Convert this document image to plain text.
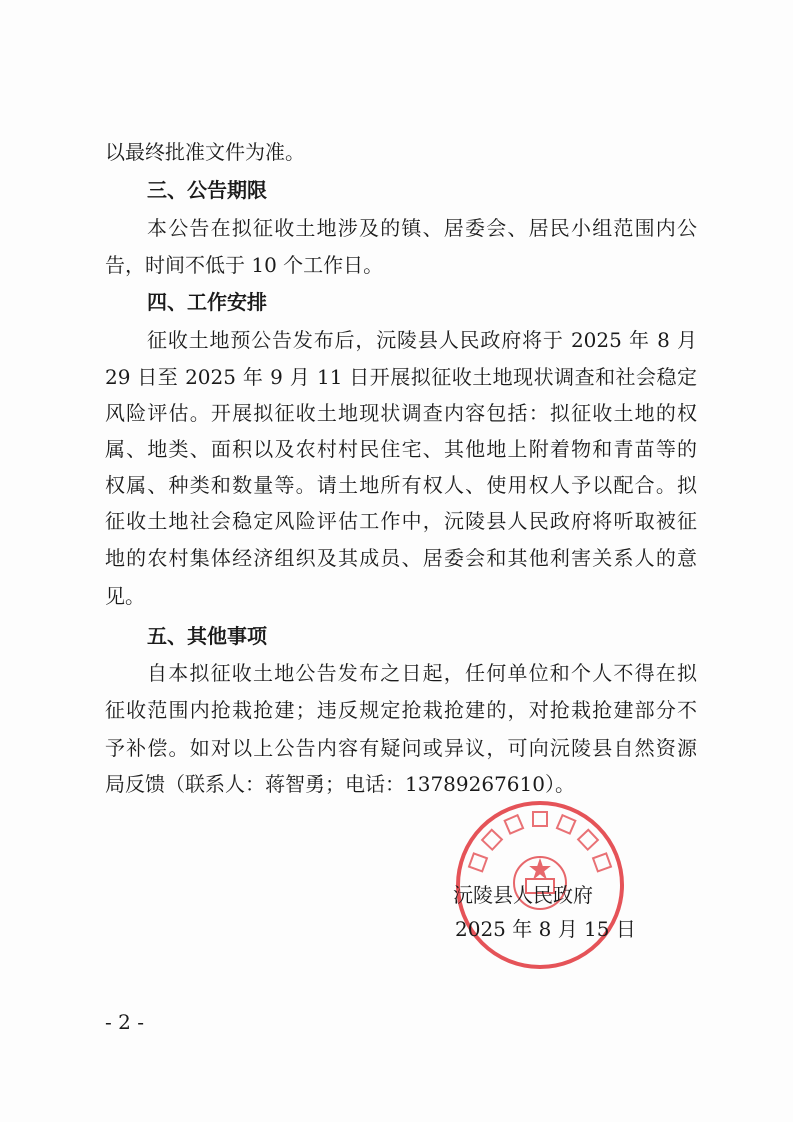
以最终批准文件为准。
三、公告期限
本公告在拟征收土地涉及的镇、居委会、居民小组范围内公
告，时间不低于 10 个工作日。
四、工作安排
征收土地预公告发布后，沅陵县人民政府将于 2025 年 8 月
29 日至 2025 年 9 月 11 日开展拟征收土地现状调查和社会稳定
风险评估。开展拟征收土地现状调查内容包括：拟征收土地的权
属、地类、面积以及农村村民住宅、其他地上附着物和青苗等的
权属、种类和数量等。请土地所有权人、使用权人予以配合。拟
征收土地社会稳定风险评估工作中，沅陵县人民政府将听取被征
地的农村集体经济组织及其成员、居委会和其他利害关系人的意
见。
五、其他事项
自本拟征收土地公告发布之日起，任何单位和个人不得在拟
征收范围内抢栽抢建；违反规定抢栽抢建的，对抢栽抢建部分不
予补偿。如对以上公告内容有疑问或异议，可向沅陵县自然资源
局反馈（联系人：蒋智勇；电话：13789267610）。
沅陵县人民政府
2025 年 8 月 15 日
- 2 -
